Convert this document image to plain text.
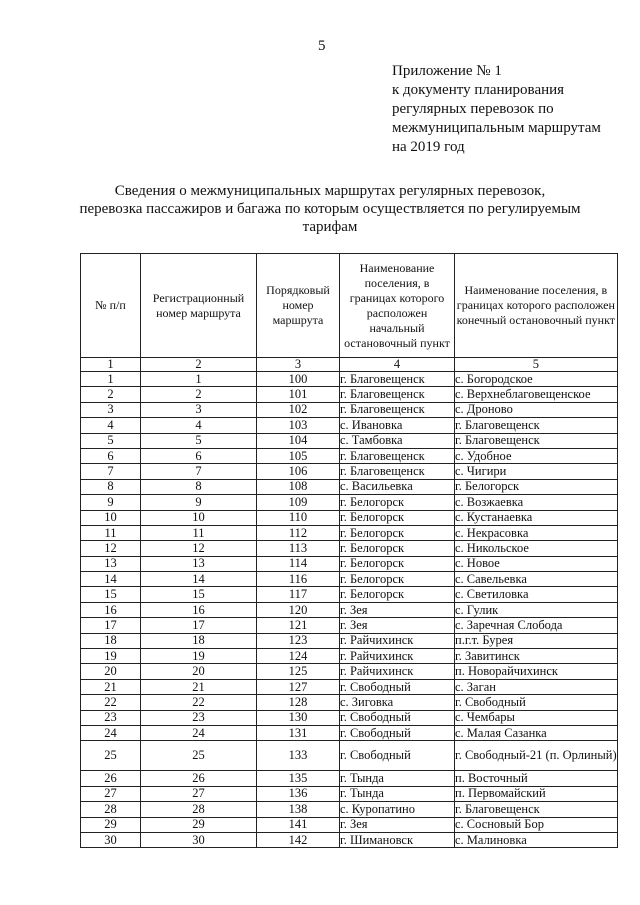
5
Приложение № 1
к документу планирования
регулярных перевозок по
межмуниципальным маршрутам
на 2019 год
Сведения о межмуниципальных маршрутах регулярных перевозок,
перевозка пассажиров и багажа по которым осуществляется по регулируемым
тарифам
№ п/п	Регистрационный номер маршрута	Порядковый номер маршрута	Наименование поселения, в границах которого расположен начальный остановочный пункт	Наименование поселения, в границах которого расположен конечный остановочный пункт
1	2	3	4	5
1	1	100	г. Благовещенск	с. Богородское
2	2	101	г. Благовещенск	с. Верхнеблаговещенское
3	3	102	г. Благовещенск	с. Дроново
4	4	103	с. Ивановка	г. Благовещенск
5	5	104	с. Тамбовка	г. Благовещенск
6	6	105	г. Благовещенск	с. Удобное
7	7	106	г. Благовещенск	с. Чигири
8	8	108	с. Васильевка	г. Белогорск
9	9	109	г. Белогорск	с. Возжаевка
10	10	110	г. Белогорск	с. Кустанаевка
11	11	112	г. Белогорск	с. Некрасовка
12	12	113	г. Белогорск	с. Никольское
13	13	114	г. Белогорск	с. Новое
14	14	116	г. Белогорск	с. Савельевка
15	15	117	г. Белогорск	с. Светиловка
16	16	120	г. Зея	с. Гулик
17	17	121	г. Зея	с. Заречная Слобода
18	18	123	г. Райчихинск	п.г.т. Бурея
19	19	124	г. Райчихинск	г. Завитинск
20	20	125	г. Райчихинск	п. Новорайчихинск
21	21	127	г. Свободный	с. Заган
22	22	128	с. Зиговка	г. Свободный
23	23	130	г. Свободный	с. Чембары
24	24	131	г. Свободный	с. Малая Сазанка
25	25	133	г. Свободный	г. Свободный-21 (п. Орлиный)
26	26	135	г. Тында	п. Восточный
27	27	136	г. Тында	п. Первомайский
28	28	138	с. Куропатино	г. Благовещенск
29	29	141	г. Зея	с. Сосновый Бор
30	30	142	г. Шимановск	с. Малиновка
